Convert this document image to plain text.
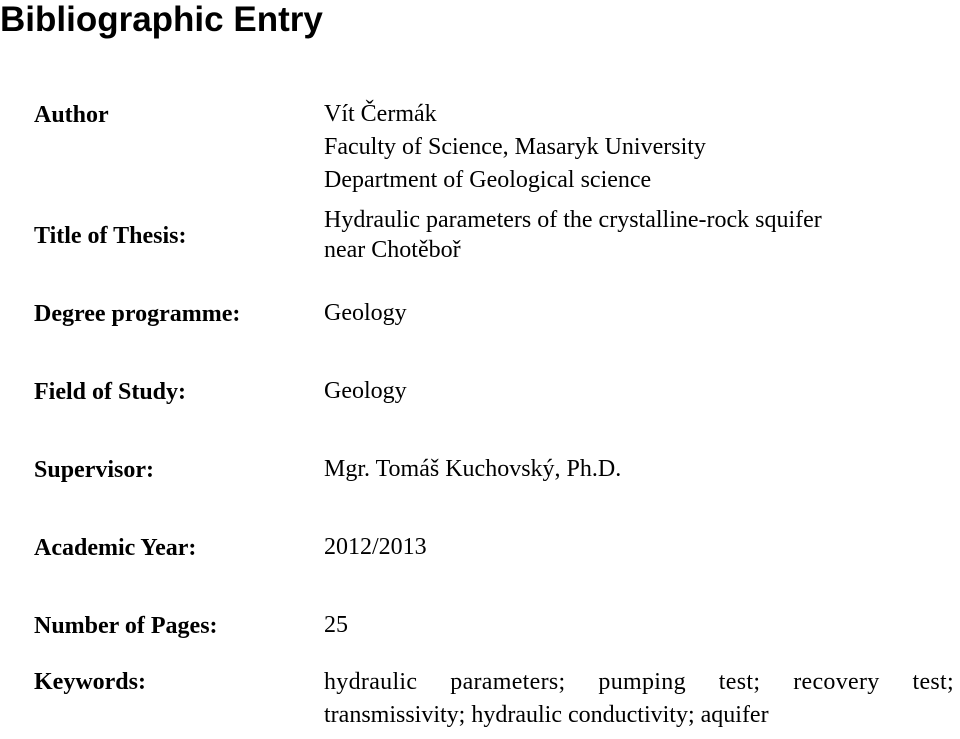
Bibliographic Entry
Author	Vít Čermák
Faculty of Science, Masaryk University
Department of Geological science
Title of Thesis:
Hydraulic parameters of the crystalline-rock squifer
near Chotěboř
Degree programme:	Geology
Field of Study:	Geology
Supervisor:	Mgr. Tomáš Kuchovský, Ph.D.
Academic Year:	2012/2013
Number of Pages:	25
Keywords:	hydraulic parameters; pumping test; recovery test;
transmissivity; hydraulic conductivity; aquifer
